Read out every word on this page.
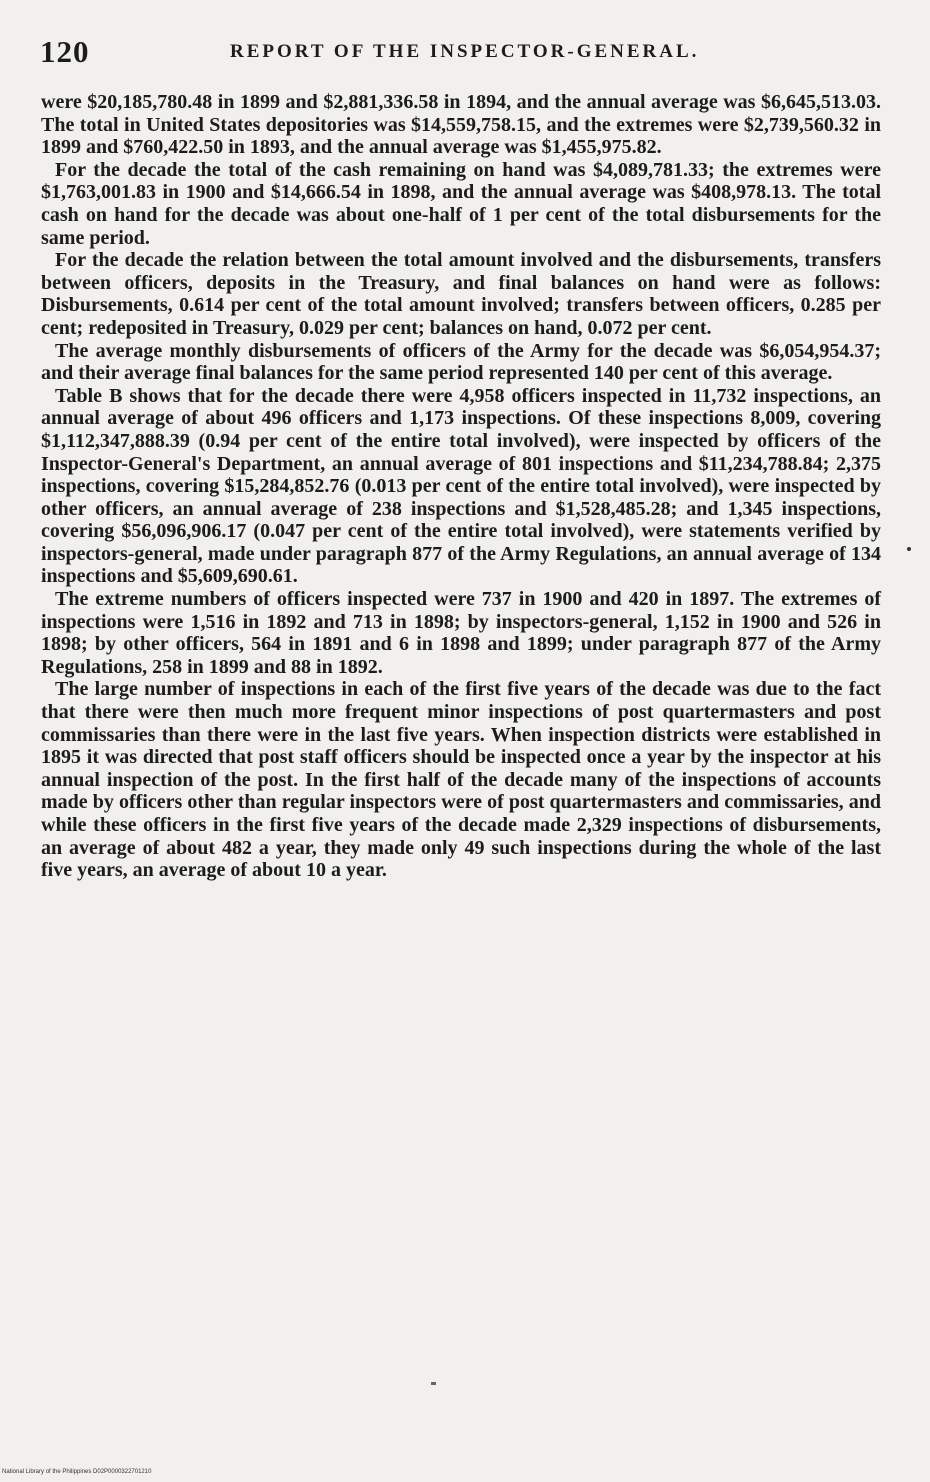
120	REPORT OF THE INSPECTOR-GENERAL.

were $20,185,780.48 in 1899 and $2,881,336.58 in 1894, and the annual average was $6,645,513.03. The total in United States depositories was $14,559,758.15, and the extremes were $2,739,560.32 in 1899 and $760,422.50 in 1893, and the annual average was $1,455,975.82.

For the decade the total of the cash remaining on hand was $4,089,781.33; the extremes were $1,763,001.83 in 1900 and $14,666.54 in 1898, and the annual average was $408,978.13. The total cash on hand for the decade was about one-half of 1 per cent of the total disbursements for the same period.

For the decade the relation between the total amount involved and the disbursements, transfers between officers, deposits in the Treasury, and final balances on hand were as follows: Disbursements, 0.614 per cent of the total amount involved; transfers between officers, 0.285 per cent; redeposited in Treasury, 0.029 per cent; balances on hand, 0.072 per cent.

The average monthly disbursements of officers of the Army for the decade was $6,054,954.37; and their average final balances for the same period represented 140 per cent of this average.

Table B shows that for the decade there were 4,958 officers inspected in 11,732 inspections, an annual average of about 496 officers and 1,173 inspections. Of these inspections 8,009, covering $1,112,347,888.39 (0.94 per cent of the entire total involved), were inspected by officers of the Inspector-General's Department, an annual average of 801 inspections and $11,234,788.84; 2,375 inspections, covering $15,284,852.76 (0.013 per cent of the entire total involved), were inspected by other officers, an annual average of 238 inspections and $1,528,485.28; and 1,345 inspections, covering $56,096,906.17 (0.047 per cent of the entire total involved), were statements verified by inspectors-general, made under paragraph 877 of the Army Regulations, an annual average of 134 inspections and $5,609,690.61.

The extreme numbers of officers inspected were 737 in 1900 and 420 in 1897. The extremes of inspections were 1,516 in 1892 and 713 in 1898; by inspectors-general, 1,152 in 1900 and 526 in 1898; by other officers, 564 in 1891 and 6 in 1898 and 1899; under paragraph 877 of the Army Regulations, 258 in 1899 and 88 in 1892.

The large number of inspections in each of the first five years of the decade was due to the fact that there were then much more frequent minor inspections of post quartermasters and post commissaries than there were in the last five years. When inspection districts were established in 1895 it was directed that post staff officers should be inspected once a year by the inspector at his annual inspection of the post. In the first half of the decade many of the inspections of accounts made by officers other than regular inspectors were of post quartermasters and commissaries, and while these officers in the first five years of the decade made 2,329 inspections of disbursements, an average of about 482 a year, they made only 49 such inspections during the whole of the last five years, an average of about 10 a year.

National Library of the Philippines D02P0000322701210
